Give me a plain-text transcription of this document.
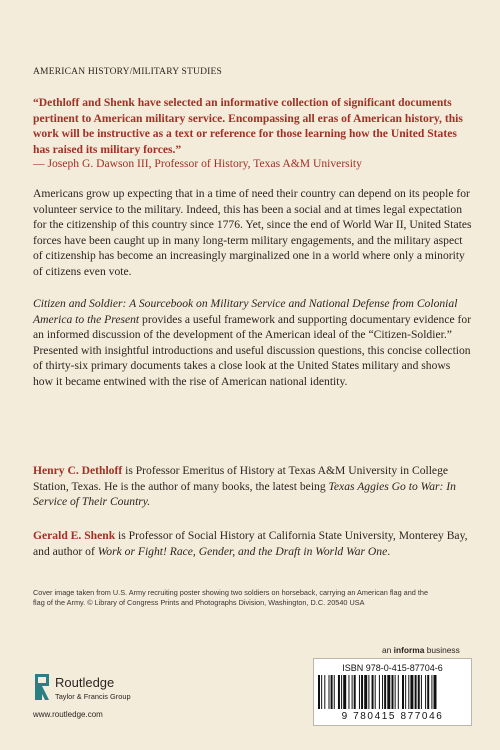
AMERICAN HISTORY/MILITARY STUDIES

“Dethloff and Shenk have selected an informative collection of significant documents pertinent to American military service. Encompassing all eras of American history, this work will be instructive as a text or reference for those learning how the United States has raised its military forces.”

— Joseph G. Dawson III, Professor of History, Texas A&M University

Americans grow up expecting that in a time of need their country can depend on its people for volunteer service to the military. Indeed, this has been a social and at times legal expectation for the citizenship of this country since 1776. Yet, since the end of World War II, United States forces have been caught up in many long-term military engagements, and the military aspect of citizenship has become an increasingly marginalized one in a world where only a minority of citizens even vote.

Citizen and Soldier: A Sourcebook on Military Service and National Defense from Colonial America to the Present provides a useful framework and supporting documentary evidence for an informed discussion of the development of the American ideal of the “Citizen-Soldier.” Presented with insightful introductions and useful discussion questions, this concise collection of thirty-six primary documents takes a close look at the United States military and shows how it became entwined with the rise of American national identity.

Henry C. Dethloff is Professor Emeritus of History at Texas A&M University in College Station, Texas. He is the author of many books, the latest being Texas Aggies Go to War: In Service of Their Country.

Gerald E. Shenk is Professor of Social History at California State University, Monterey Bay, and author of Work or Fight! Race, Gender, and the Draft in World War One.

Cover image taken from U.S. Army recruiting poster showing two soldiers on horseback, carrying an American flag and the flag of the Army. © Library of Congress Prints and Photographs Division, Washington, D.C. 20540 USA
an informa business
ISBN 978-0-415-87704-6
9 780415 877046
Routledge
Taylor & Francis Group
www.routledge.com
